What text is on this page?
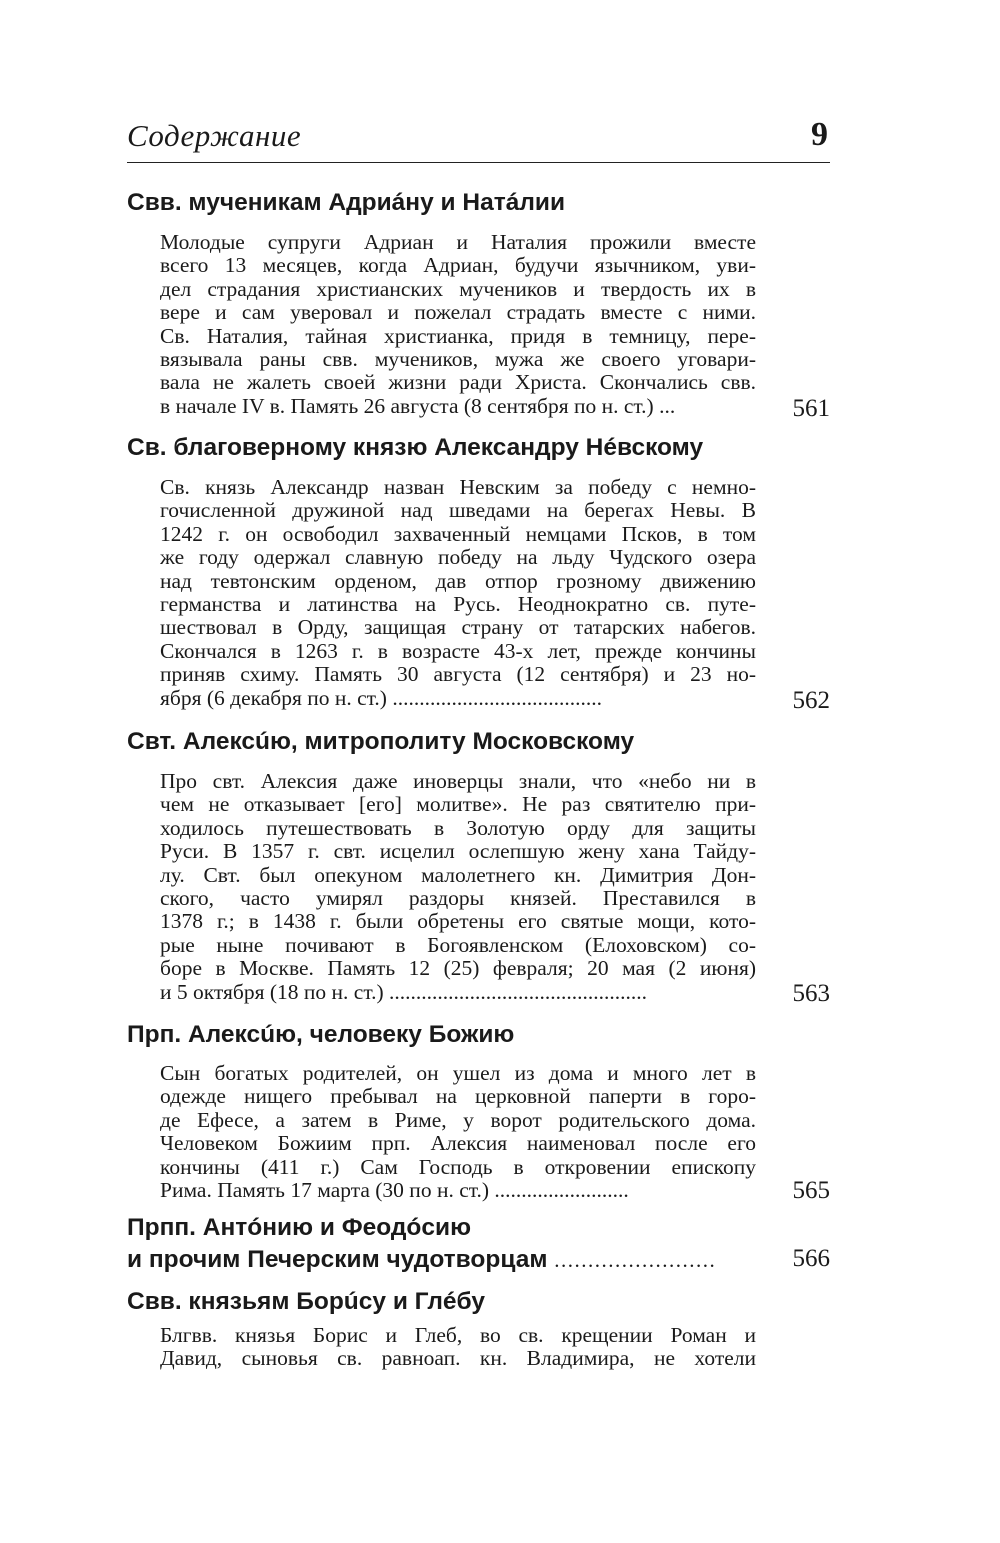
Содержание	9
Свв. мученикам Адриáну и Натáлии
Молодые супруги Адриан и Наталия прожили вместе
всего 13 месяцев, когда Адриан, будучи язычником, уви-
дел страдания христианских мучеников и твердость их в
вере и сам уверовал и пожелал страдать вместе с ними.
Св. Наталия, тайная христианка, придя в темницу, пере-
вязывала раны свв. мучеников, мужа же своего уговари-
вала не жалеть своей жизни ради Христа. Скончались свв.
в начале IV в. Память 26 августа (8 сентября по н. ст.) ...	561
Св. благоверному князю Александру Нéвскому
Св. князь Александр назван Невским за победу с немно-
гочисленной дружиной над шведами на берегах Невы. В
1242 г. он освободил захваченный немцами Псков, в том
же году одержал славную победу на льду Чудского озера
над тевтонским орденом, дав отпор грозному движению
германства и латинства на Русь. Неоднократно св. путе-
шествовал в Орду, защищая страну от татарских набегов.
Скончался в 1263 г. в возрасте 43-х лет, прежде кончины
приняв схиму. Память 30 августа (12 сентября) и 23 но-
ября (6 декабря по н. ст.) .......................................	562
Свт. Алексúю, митрополиту Московскому
Про свт. Алексия даже иноверцы знали, что «небо ни в
чем не отказывает [его] молитве». Не раз святителю при-
ходилось путешествовать в Золотую орду для защиты
Руси. В 1357 г. свт. исцелил ослепшую жену хана Тайду-
лу. Свт. был опекуном малолетнего кн. Димитрия Дон-
ского, часто умирял раздоры князей. Преставился в
1378 г.; в 1438 г. были обретены его святые мощи, кото-
рые ныне почивают в Богоявленском (Елоховском) со-
боре в Москве. Память 12 (25) февраля; 20 мая (2 июня)
и 5 октября (18 по н. ст.) ................................................	563
Прп. Алексúю, человеку Божию
Сын богатых родителей, он ушел из дома и много лет в
одежде нищего пребывал на церковной паперти в горо-
де Ефесе, а затем в Риме, у ворот родительского дома.
Человеком Божиим прп. Алексия наименовал после его
кончины (411 г.) Сам Господь в откровении епископу
Рима. Память 17 марта (30 по н. ст.) .........................	565
Прпп. Антóнию и Феодóсию
и прочим Печерским чудотворцам ........................	566
Свв. князьям Борúсу и Глéбу
Блгвв. князья Борис и Глеб, во св. крещении Роман и
Давид, сыновья св. равноап. кн. Владимира, не хотели
